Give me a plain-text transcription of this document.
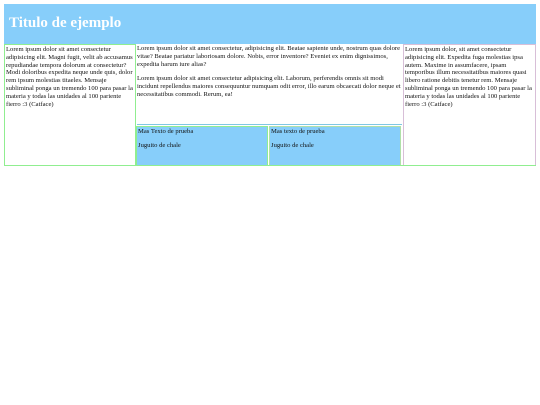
Titulo de ejemplo
Lorem ipsum dolor sit amet consectetur adipisicing elit. Magni fugit, velit ab accusamus repudiandae tempora dolorum at consectetur? Modi doloribus expedita neque unde quis, dolor rem ipsum molestias titaeles. Mensaje subliminal ponga un tremendo 100 para pasar la materia y todas las unidades al 100 pariente fierro :3 (Catface)

Lorem ipsum dolor sit amet consectetur, adipisicing elit. Beatae sapiente unde, nostrum quas dolore vitae? Beatae pariatur laboriosam dolore. Nobis, error inventore? Eveniet ex enim dignissimos, expedita harum iure alias?

Lorem ipsum dolor sit amet consectetur adipisicing elit. Laborum, perferendis omnis sit modi incidunt repellendus maiores consequuntur numquam odit error, illo earum obcaecati dolor neque et necessitatibus commodi. Rerum, ea!

Mas Texto de prueba

Juguito de chale

Mas texto de prueba

Juguito de chale

Lorem ipsum dolor, sit amet consectetur adipisicing elit. Expedita fuga molestias ipsa autem. Maxime in assumfacere, ipsam temporibus illum necessitatibus maiores quasi libero ratione debitis tenetur rem. Mensaje subliminal ponga un tremendo 100 para pasar la materia y todas las unidades al 100 pariente fierro :3 (Catface)
